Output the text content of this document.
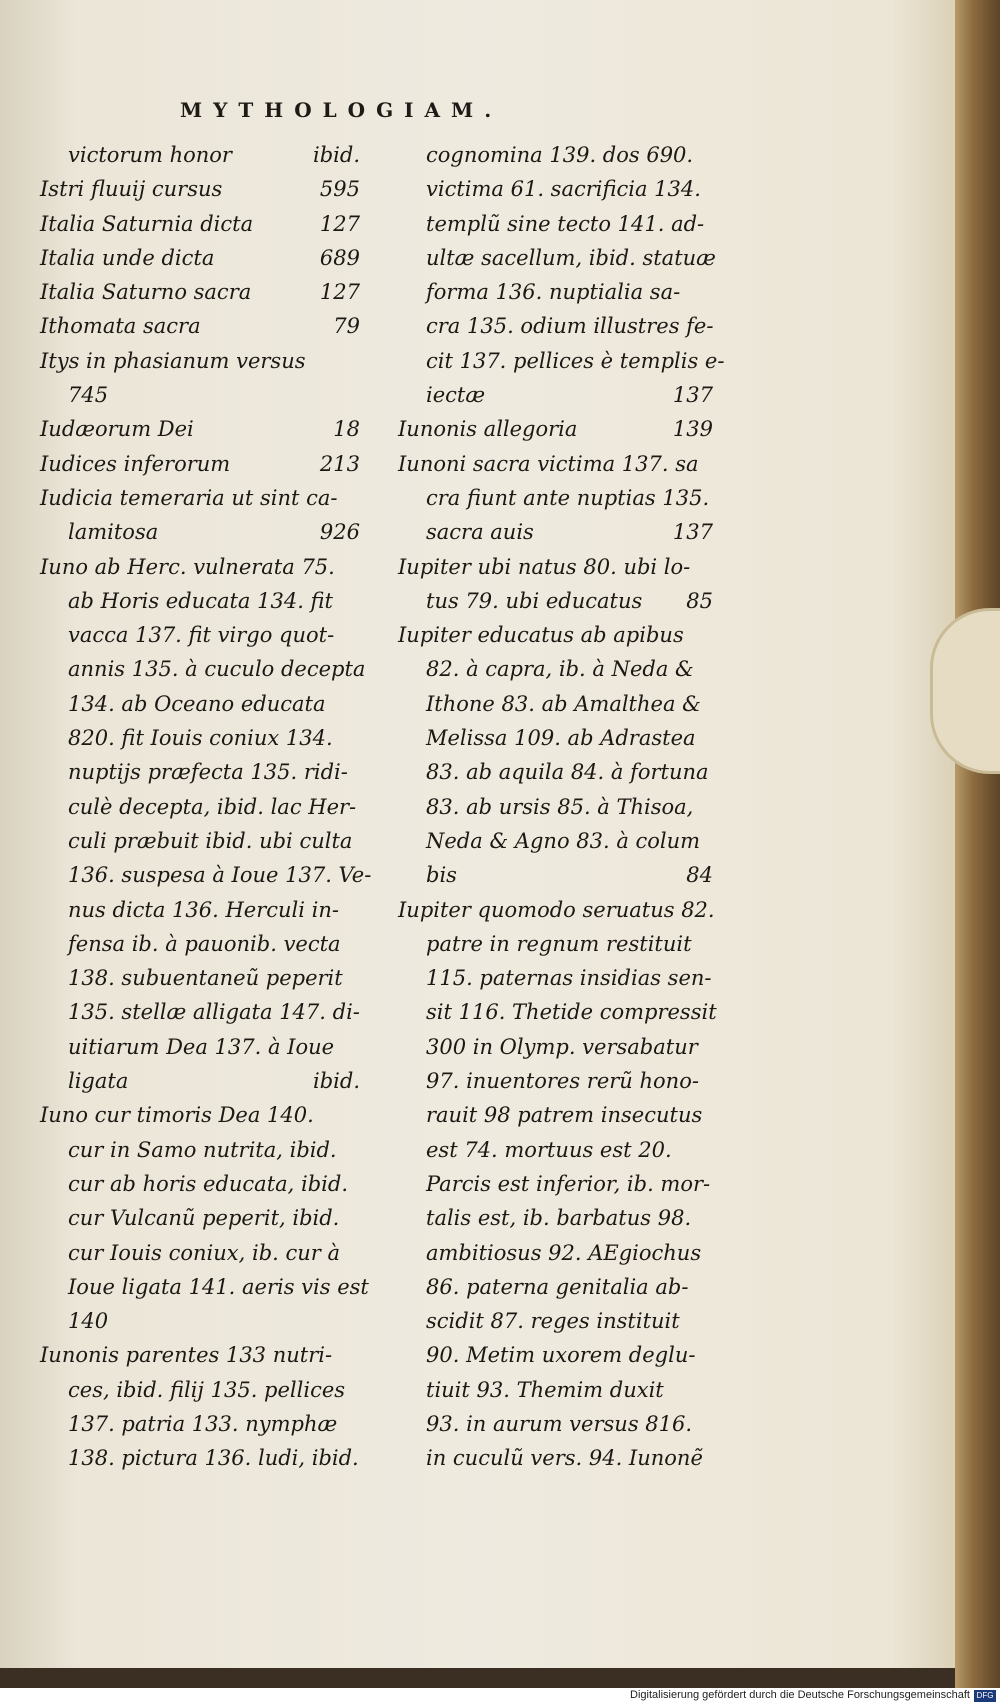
MYTHOLOGIAM.
victorum honor	ibid.
Istri fluuij cursus	595
Italia Saturnia dicta	127
Italia unde dicta	689
Italia Saturno sacra	127
Ithomata sacra	79
Itys in phasianum versus
745
Iudæorum Dei	18
Iudices inferorum	213
Iudicia temeraria ut sint ca-
lamitosa	926
Iuno ab Herc. vulnerata 75.
ab Horis educata 134. fit
vacca 137. fit virgo quot-
annis 135. à cuculo decepta
134. ab Oceano educata
820. fit Iouis coniux 134.
nuptijs præfecta 135. ridi-
culè decepta, ibid. lac Her-
culi præbuit ibid. ubi culta
136. suspesa à Ioue 137. Ve-
nus dicta 136. Herculi in-
fensa ib. à pauonib. vecta
138. subuentaneũ peperit
135. stellæ alligata 147. di-
uitiarum Dea 137. à Ioue
ligata	ibid.
Iuno cur timoris Dea 140.
cur in Samo nutrita, ibid.
cur ab horis educata, ibid.
cur Vulcanũ peperit, ibid.
cur Iouis coniux, ib. cur à
Ioue ligata 141. aeris vis est
140
Iunonis parentes 133 nutri-
ces, ibid. filij 135. pellices
137. patria 133. nymphæ
138. pictura 136. ludi, ibid.
cognomina 139. dos 690.
victima 61. sacrificia 134.
templũ sine tecto 141. ad-
ultæ sacellum, ibid. statuæ
forma 136. nuptialia sa-
cra 135. odium illustres fe-
cit 137. pellices è templis e-
iectæ	137
Iunonis allegoria	139
Iunoni sacra victima 137. sa
cra fiunt ante nuptias 135.
sacra auis	137
Iupiter ubi natus 80. ubi lo-
tus 79. ubi educatus	85
Iupiter educatus ab apibus
82. à capra, ib. à Neda &
Ithone 83. ab Amalthea &
Melissa 109. ab Adrastea
83. ab aquila 84. à fortuna
83. ab ursis 85. à Thisoa,
Neda & Agno 83. à colum
bis	84
Iupiter quomodo seruatus 82.
patre in regnum restituit
115. paternas insidias sen-
sit 116. Thetide compressit
300 in Olymp. versabatur
97. inuentores rerũ hono-
rauit 98 patrem insecutus
est 74. mortuus est 20.
Parcis est inferior, ib. mor-
talis est, ib. barbatus 98.
ambitiosus 92. AEgiochus
86. paterna genitalia ab-
scidit 87. reges instituit
90. Metim uxorem deglu-
tiuit 93. Themim duxit
93. in aurum versus 816.
in cuculũ vers. 94. Iunonẽ
Digitalisierung gefördert durch die Deutsche Forschungsgemeinschaft DFG
